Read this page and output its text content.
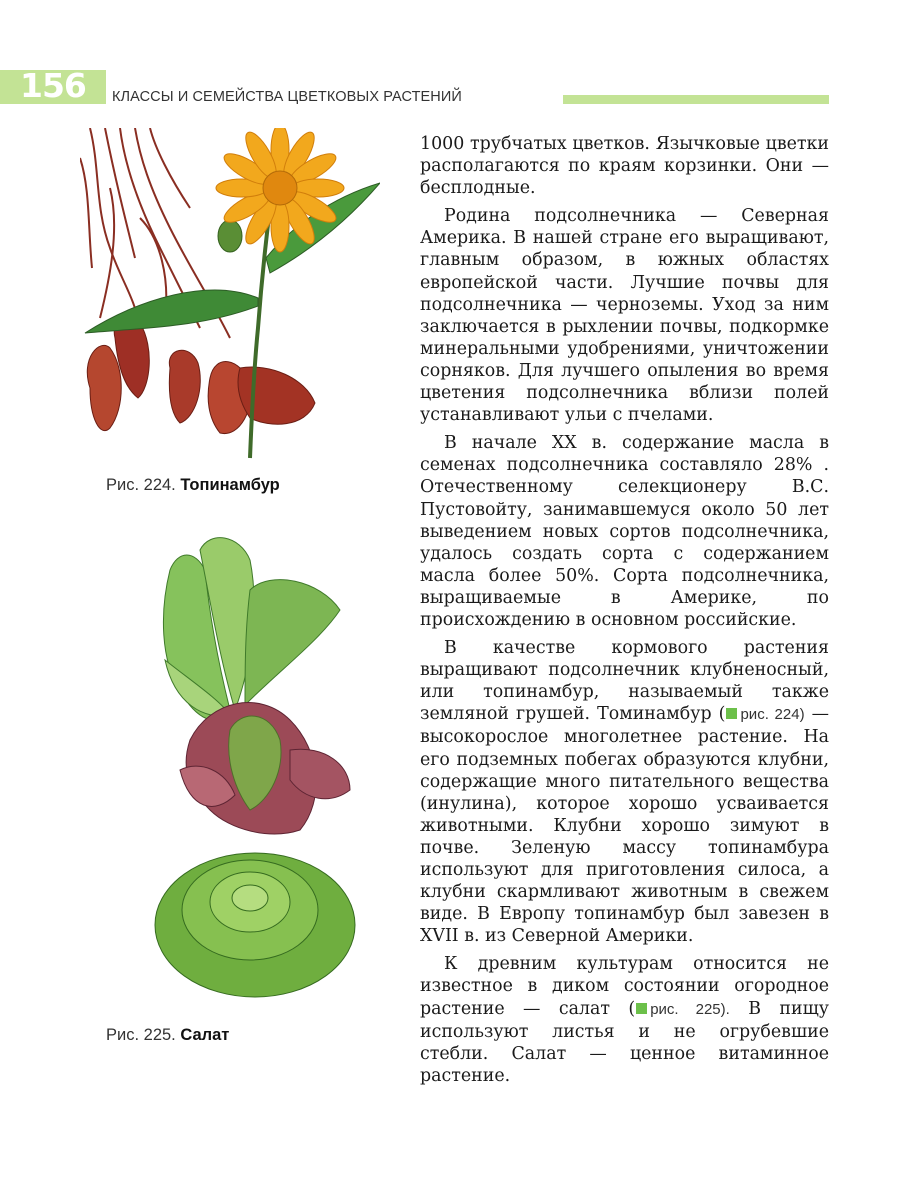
156 КЛАССЫ И СЕМЕЙСТВА ЦВЕТКОВЫХ РАСТЕНИЙ
Рис. 224. Топинамбур
Рис. 225. Салат

1000 трубчатых цветков. Язычковые цветки располагаются по краям корзинки. Они — бесплодные.

Родина подсолнечника — Северная Америка. В нашей стране его выращивают, главным образом, в южных областях европейской части. Лучшие почвы для подсолнечника — черноземы. Уход за ним заключается в рыхлении почвы, подкормке минеральными удобрениями, уничтожении сорняков. Для лучшего опыления во время цветения подсолнечника вблизи полей устанавливают ульи с пчелами.

В начале XX в. содержание масла в семенах подсолнечника составляло 28% . Отечественному селекционеру В.С. Пустовойту, занимавшемуся около 50 лет выведением новых сортов подсолнечника, удалось создать сорта с содержанием масла более 50%. Сорта подсолнечника, выращиваемые в Америке, по происхождению в основном российские.

В качестве кормового растения выращивают подсолнечник клубненосный, или топинамбур, называемый также земляной грушей. Томинамбур ( рис. 224) — высокорослое многолетнее растение. На его подземных побегах образуются клубни, содержащие много питательного вещества (инулина), которое хорошо усваивается животными. Клубни хорошо зимуют в почве. Зеленую массу топинамбура используют для приготовления силоса, а клубни скармливают животным в свежем виде. В Европу топинамбур был завезен в XVII в. из Северной Америки.

К древним культурам относится не известное в диком состоянии огородное растение — салат ( рис. 225). В пищу используют листья и не огрубевшие стебли. Салат — ценное витаминное растение.
